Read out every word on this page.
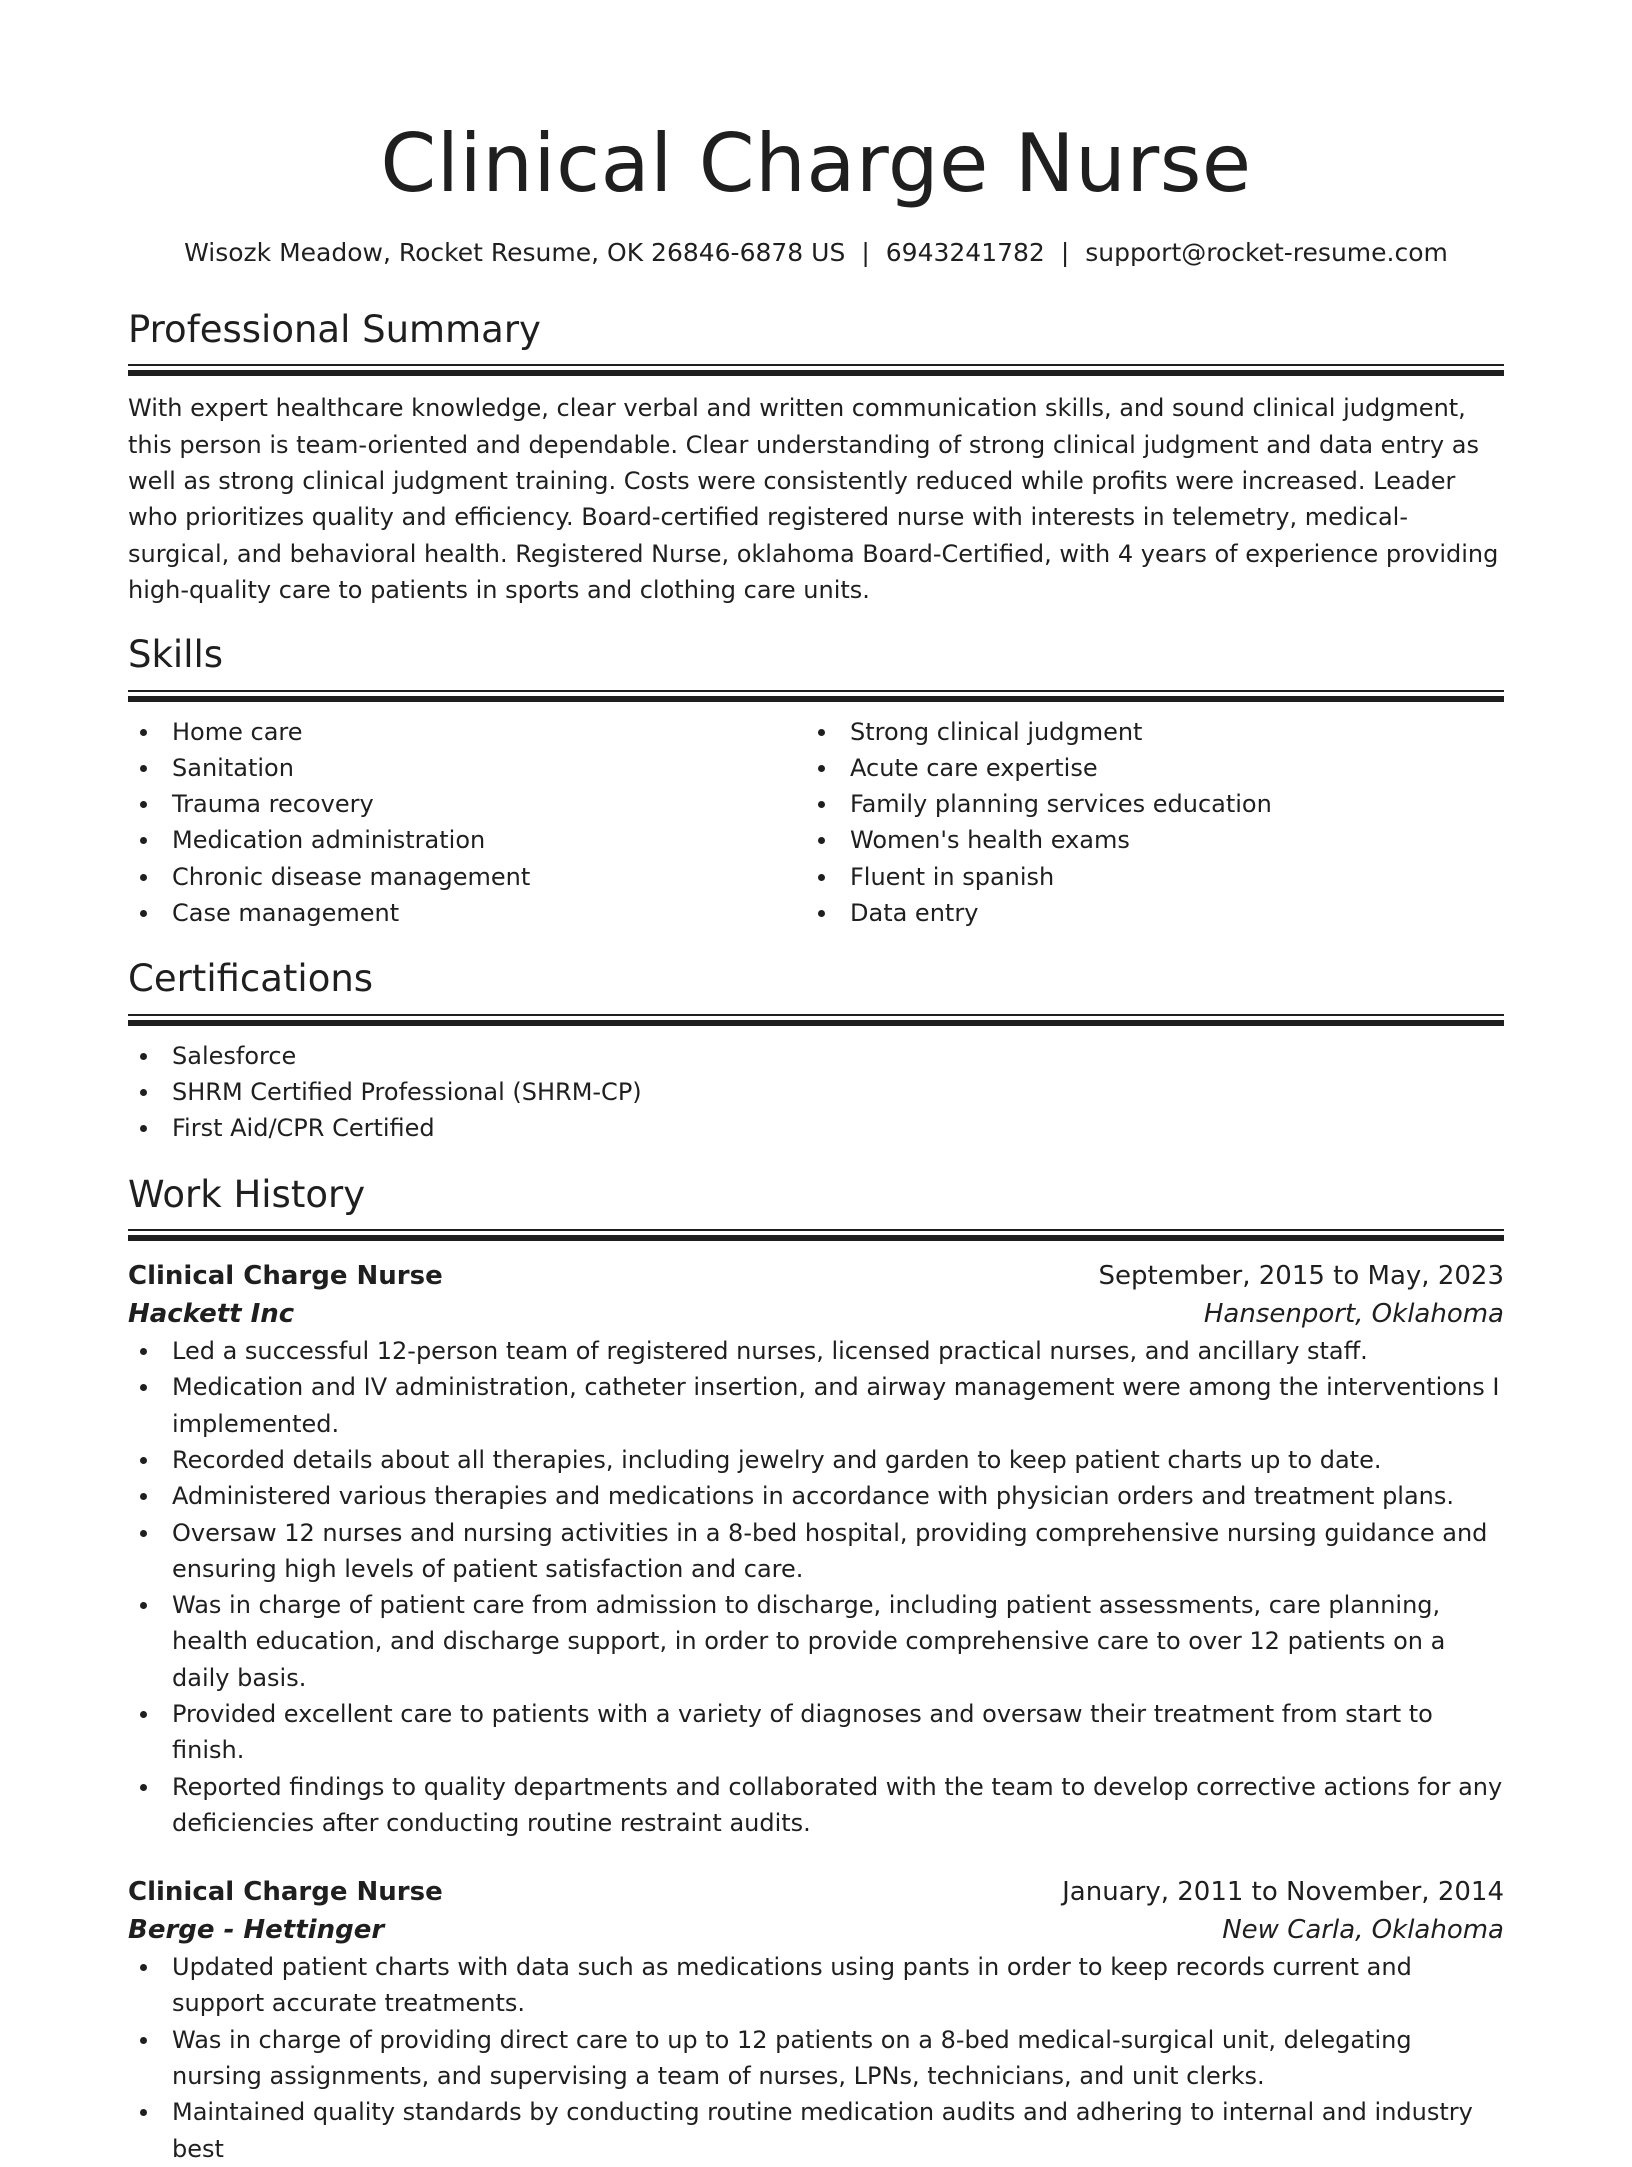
Clinical Charge Nurse
Wisozk Meadow, Rocket Resume, OK 26846-6878 US | 6943241782 | support@rocket-resume.com
Professional Summary
With expert healthcare knowledge, clear verbal and written communication skills, and sound clinical judgment, this person is team-oriented and dependable. Clear understanding of strong clinical judgment and data entry as well as strong clinical judgment training. Costs were consistently reduced while profits were increased. Leader who prioritizes quality and efficiency. Board-certified registered nurse with interests in telemetry, medical-surgical, and behavioral health. Registered Nurse, oklahoma Board-Certified, with 4 years of experience providing high-quality care to patients in sports and clothing care units.
Skills
Home care
Sanitation
Trauma recovery
Medication administration
Chronic disease management
Case management
Strong clinical judgment
Acute care expertise
Family planning services education
Women's health exams
Fluent in spanish
Data entry
Certifications
Salesforce
SHRM Certified Professional (SHRM-CP)
First Aid/CPR Certified
Work History
Clinical Charge Nurse	September, 2015 to May, 2023
Hackett Inc	Hansenport, Oklahoma
Led a successful 12-person team of registered nurses, licensed practical nurses, and ancillary staff.
Medication and IV administration, catheter insertion, and airway management were among the interventions I implemented.
Recorded details about all therapies, including jewelry and garden to keep patient charts up to date.
Administered various therapies and medications in accordance with physician orders and treatment plans.
Oversaw 12 nurses and nursing activities in a 8-bed hospital, providing comprehensive nursing guidance and ensuring high levels of patient satisfaction and care.
Was in charge of patient care from admission to discharge, including patient assessments, care planning, health education, and discharge support, in order to provide comprehensive care to over 12 patients on a daily basis.
Provided excellent care to patients with a variety of diagnoses and oversaw their treatment from start to finish.
Reported findings to quality departments and collaborated with the team to develop corrective actions for any deficiencies after conducting routine restraint audits.
Clinical Charge Nurse	January, 2011 to November, 2014
Berge - Hettinger	New Carla, Oklahoma
Updated patient charts with data such as medications using pants in order to keep records current and support accurate treatments.
Was in charge of providing direct care to up to 12 patients on a 8-bed medical-surgical unit, delegating nursing assignments, and supervising a team of nurses, LPNs, technicians, and unit clerks.
Maintained quality standards by conducting routine medication audits and adhering to internal and industry best
